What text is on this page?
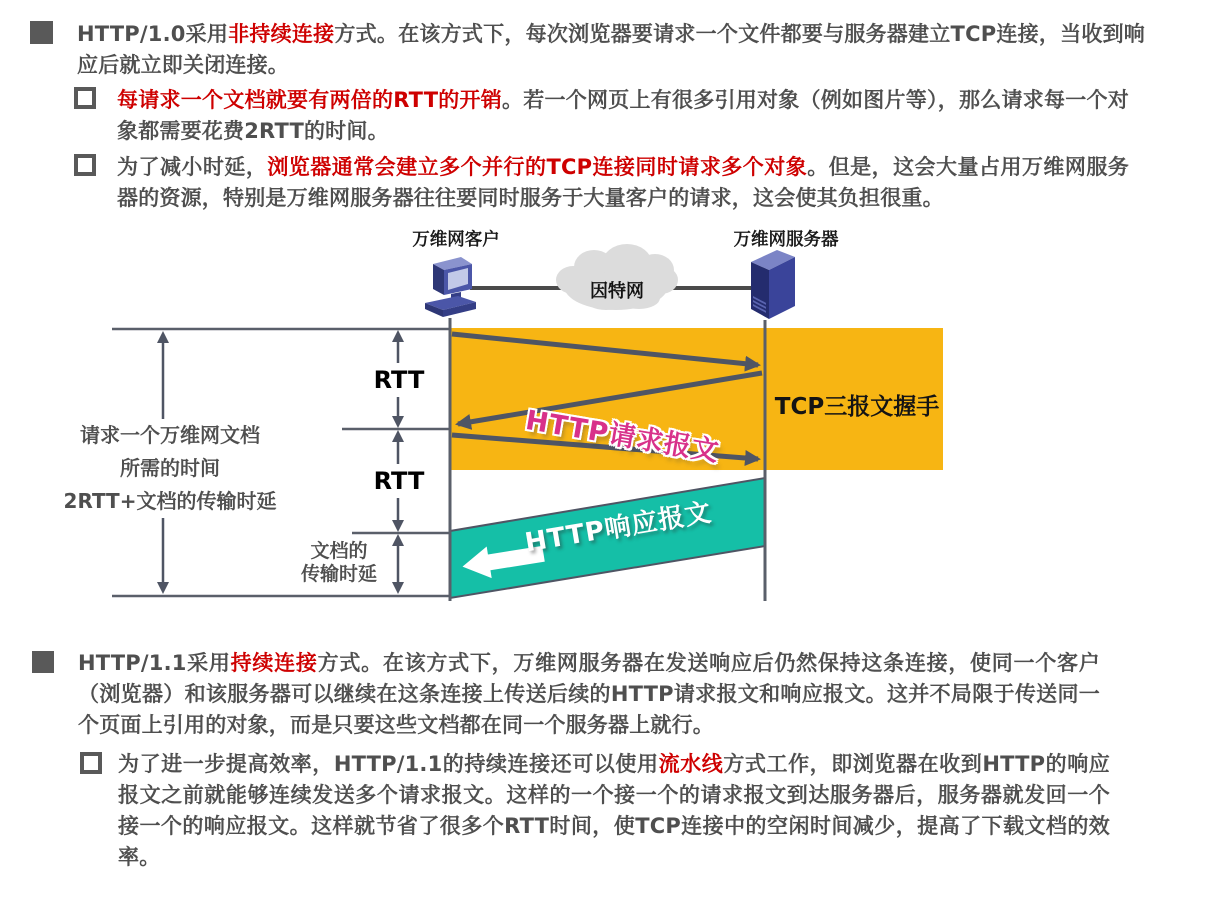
HTTP/1.0采用非持续连接方式。在该方式下，每次浏览器要请求一个文件都要与服务器建立TCP连接，当收到响应后就立即关闭连接。
每请求一个文档就要有两倍的RTT的开销。若一个网页上有很多引用对象（例如图片等），那么请求每一个对象都需要花费2RTT的时间。
为了减小时延，浏览器通常会建立多个并行的TCP连接同时请求多个对象。但是，这会大量占用万维网服务器的资源，特别是万维网服务器往往要同时服务于大量客户的请求，这会使其负担很重。
HTTP/1.1采用持续连接方式。在该方式下，万维网服务器在发送响应后仍然保持这条连接，使同一个客户（浏览器）和该服务器可以继续在这条连接上传送后续的HTTP请求报文和响应报文。这并不局限于传送同一个页面上引用的对象，而是只要这些文档都在同一个服务器上就行。
为了进一步提高效率，HTTP/1.1的持续连接还可以使用流水线方式工作，即浏览器在收到HTTP的响应报文之前就能够连续发送多个请求报文。这样的一个接一个的请求报文到达服务器后，服务器就发回一个接一个的响应报文。这样就节省了很多个RTT时间，使TCP连接中的空闲时间减少，提高了下载文档的效率。
万维网客户	万维网服务器
因特网
TCP三报文握手
RTT
RTT
请求一个万维网文档
所需的时间
2RTT+文档的传输时延
文档的
传输时延
HTTP请求报文
HTTP响应报文
